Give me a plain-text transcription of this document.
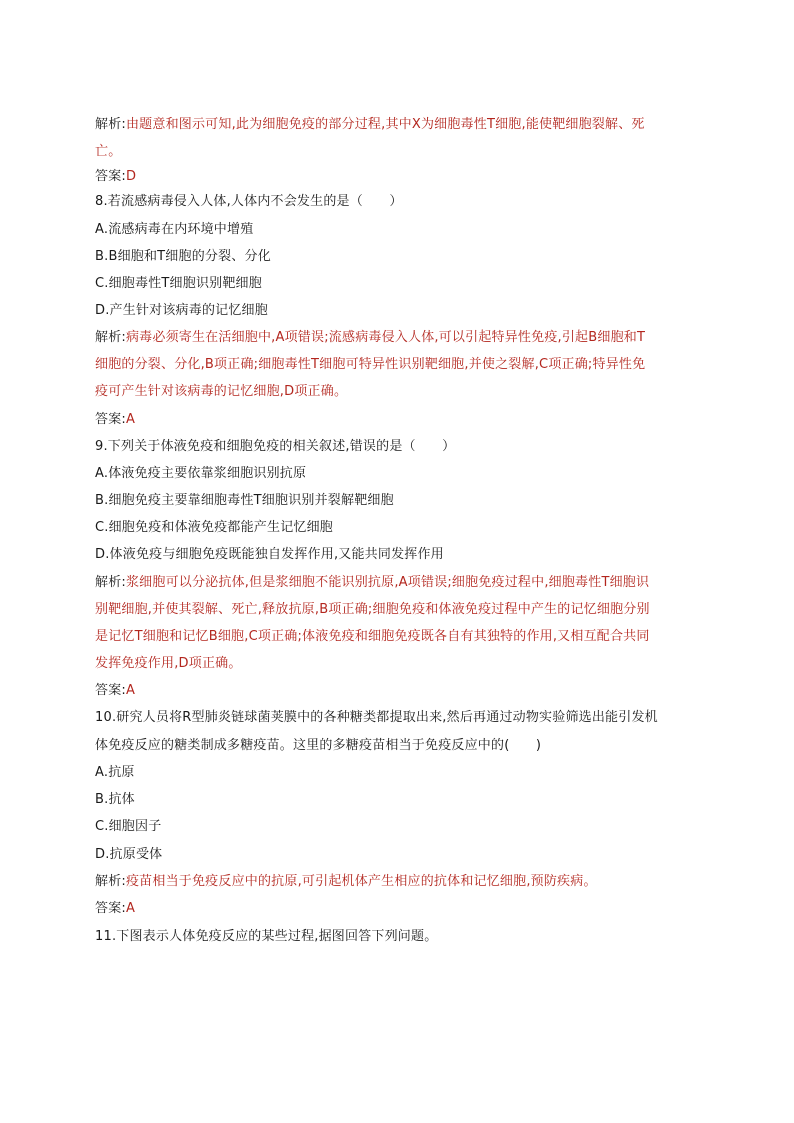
解析:由题意和图示可知,此为细胞免疫的部分过程,其中X为细胞毒性T细胞,能使靶细胞裂解、死
亡。
答案:D
8.若流感病毒侵入人体,人体内不会发生的是（　　）
A.流感病毒在内环境中增殖
B.B细胞和T细胞的分裂、分化
C.细胞毒性T细胞识别靶细胞
D.产生针对该病毒的记忆细胞
解析:病毒必须寄生在活细胞中,A项错误;流感病毒侵入人体,可以引起特异性免疫,引起B细胞和T
细胞的分裂、分化,B项正确;细胞毒性T细胞可特异性识别靶细胞,并使之裂解,C项正确;特异性免
疫可产生针对该病毒的记忆细胞,D项正确。
答案:A
9.下列关于体液免疫和细胞免疫的相关叙述,错误的是（　　）
A.体液免疫主要依靠浆细胞识别抗原
B.细胞免疫主要靠细胞毒性T细胞识别并裂解靶细胞
C.细胞免疫和体液免疫都能产生记忆细胞
D.体液免疫与细胞免疫既能独自发挥作用,又能共同发挥作用
解析:浆细胞可以分泌抗体,但是浆细胞不能识别抗原,A项错误;细胞免疫过程中,细胞毒性T细胞识
别靶细胞,并使其裂解、死亡,释放抗原,B项正确;细胞免疫和体液免疫过程中产生的记忆细胞分别
是记忆T细胞和记忆B细胞,C项正确;体液免疫和细胞免疫既各自有其独特的作用,又相互配合共同
发挥免疫作用,D项正确。
答案:A
10.研究人员将R型肺炎链球菌荚膜中的各种糖类都提取出来,然后再通过动物实验筛选出能引发机
体免疫反应的糖类制成多糖疫苗。这里的多糖疫苗相当于免疫反应中的(　　)
A.抗原
B.抗体
C.细胞因子
D.抗原受体
解析:疫苗相当于免疫反应中的抗原,可引起机体产生相应的抗体和记忆细胞,预防疾病。
答案:A
11.下图表示人体免疫反应的某些过程,据图回答下列问题。
